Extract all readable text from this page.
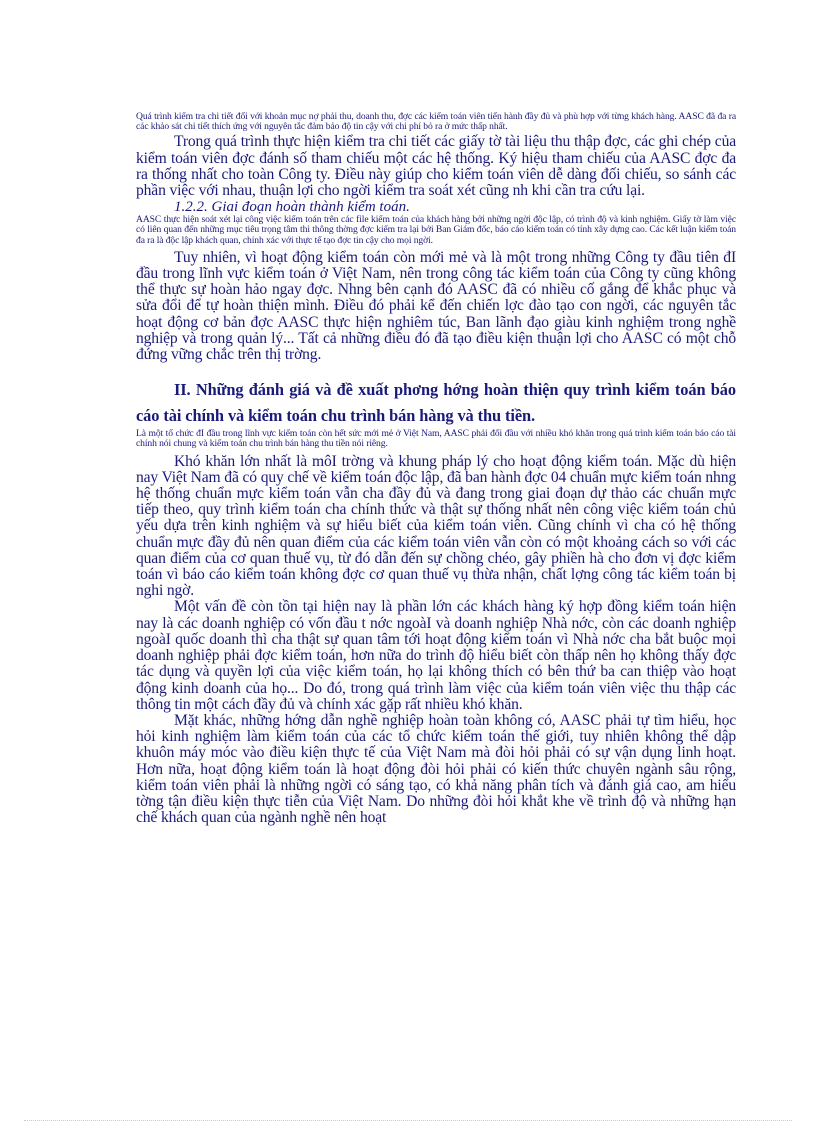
Quá trình kiểm tra chi tiết đối với khoản mục nợ phải thu, doanh thu, đợc các kiểm toán viên tiến hành đầy đủ và phù hợp với từng khách hàng. AASC đã đa ra các khảo sát chi tiết thích ứng với nguyên tắc đảm bảo độ tin cậy với chi phí bỏ ra ở mức thấp nhất.

Trong quá trình thực hiện kiểm tra chi tiết các giấy tờ tài liệu thu thập đợc, các ghi chép của kiểm toán viên đợc đánh số tham chiếu một các hệ thống. Ký hiệu tham chiếu của AASC đợc đa ra thống nhất cho toàn Công ty. Điều này giúp cho kiểm toán viên dễ dàng đối chiếu, so sánh các phần việc với nhau, thuận lợi cho ngời kiểm tra soát xét cũng nh khi cần tra cứu lại.

1.2.2. Giai đoạn hoàn thành kiểm toán.

AASC thực hiện soát xét lại công việc kiểm toán trên các file kiểm toán của khách hàng bởi những ngời độc lập, có trình độ và kinh nghiệm. Giấy tờ làm việc có liên quan đến những mục tiêu trọng tâm thì thông thờng đợc kiểm tra lại bởi Ban Giám đốc, báo cáo kiểm toán có tính xây dựng cao. Các kết luận kiểm toán đa ra là độc lập khách quan, chính xác với thực tế tạo đợc tin cậy cho mọi ngời.

Tuy nhiên, vì hoạt động kiểm toán còn mới mẻ và là một trong những Công ty đầu tiên đI đầu trong lĩnh vực kiểm toán ở Việt Nam, nên trong công tác kiểm toán của Công ty cũng không thể thực sự hoàn hảo ngay đợc. Nhng bên cạnh đó AASC đã có nhiều cố gắng để khắc phục và sửa đổi để tự hoàn thiện mình. Điều đó phải kể đến chiến lợc đào tạo con ngời, các nguyên tắc hoạt động cơ bản đợc AASC thực hiện nghiêm túc, Ban lãnh đạo giàu kinh nghiệm trong nghề nghiệp và trong quản lý... Tất cả những điều đó đã tạo điều kiện thuận lợi cho AASC có một chỗ đứng vững chắc trên thị trờng.

II. Những đánh giá và đề xuất phơng hớng hoàn thiện quy trình kiểm toán báo cáo tài chính và kiểm toán chu trình bán hàng và thu tiền.

Là một tổ chức đI đầu trong lĩnh vực kiểm toán còn hết sức mới mẻ ở Việt Nam, AASC phải đối đầu với nhiều khó khăn trong quá trình kiểm toán báo cáo tài chính nói chung và kiểm toán chu trình bán hàng thu tiền nói riêng.

Khó khăn lớn nhất là môI trờng và khung pháp lý cho hoạt động kiểm toán. Mặc dù hiện nay Việt Nam đã có quy chế về kiểm toán độc lập, đã ban hành đợc 04 chuẩn mực kiểm toán nhng hệ thống chuẩn mực kiểm toán vẫn cha đầy đủ và đang trong giai đoạn dự thảo các chuẩn mực tiếp theo, quy trình kiểm toán cha chính thức và thật sự thống nhất nên công việc kiểm toán chủ yếu dựa trên kinh nghiệm và sự hiểu biết của kiểm toán viên. Cũng chính vì cha có hệ thống chuẩn mực đầy đủ nên quan điểm của các kiểm toán viên vẫn còn có một khoảng cách so với các quan điểm của cơ quan thuế vụ, từ đó dẫn đến sự chồng chéo, gây phiền hà cho đơn vị đợc kiểm toán vì báo cáo kiểm toán không đợc cơ quan thuế vụ thừa nhận, chất lợng công tác kiểm toán bị nghi ngờ.

Một vấn đề còn tồn tại hiện nay là phần lớn các khách hàng ký hợp đồng kiểm toán hiện nay là các doanh nghiệp có vốn đầu t nớc ngoàI và doanh nghiệp Nhà nớc, còn các doanh nghiệp ngoàI quốc doanh thì cha thật sự quan tâm tới hoạt động kiểm toán vì Nhà nớc cha bắt buộc mọi doanh nghiệp phải đợc kiểm toán, hơn nữa do trình độ hiểu biết còn thấp nên họ không thấy đợc tác dụng và quyền lợi của việc kiểm toán, họ lại không thích có bên thứ ba can thiệp vào hoạt động kinh doanh của họ... Do đó, trong quá trình làm việc của kiểm toán viên việc thu thập các thông tin một cách đầy đủ và chính xác gặp rất nhiều khó khăn.

Mặt khác, những hớng dẫn nghề nghiệp hoàn toàn không có, AASC phải tự tìm hiểu, học hỏi kinh nghiệm làm kiểm toán của các tổ chức kiểm toán thế giới, tuy nhiên không thể dập khuôn máy móc vào điều kiện thực tế của Việt Nam mà đòi hỏi phải có sự vận dụng linh hoạt. Hơn nữa, hoạt động kiểm toán là hoạt động đòi hỏi phải có kiến thức chuyên ngành sâu rộng, kiểm toán viên phải là những ngời có sáng tạo, có khả năng phân tích và đánh giá cao, am hiểu tờng tận điều kiện thực tiễn của Việt Nam. Do những đòi hỏi khắt khe về trình độ và những hạn chế khách quan của ngành nghề nên hoạt
